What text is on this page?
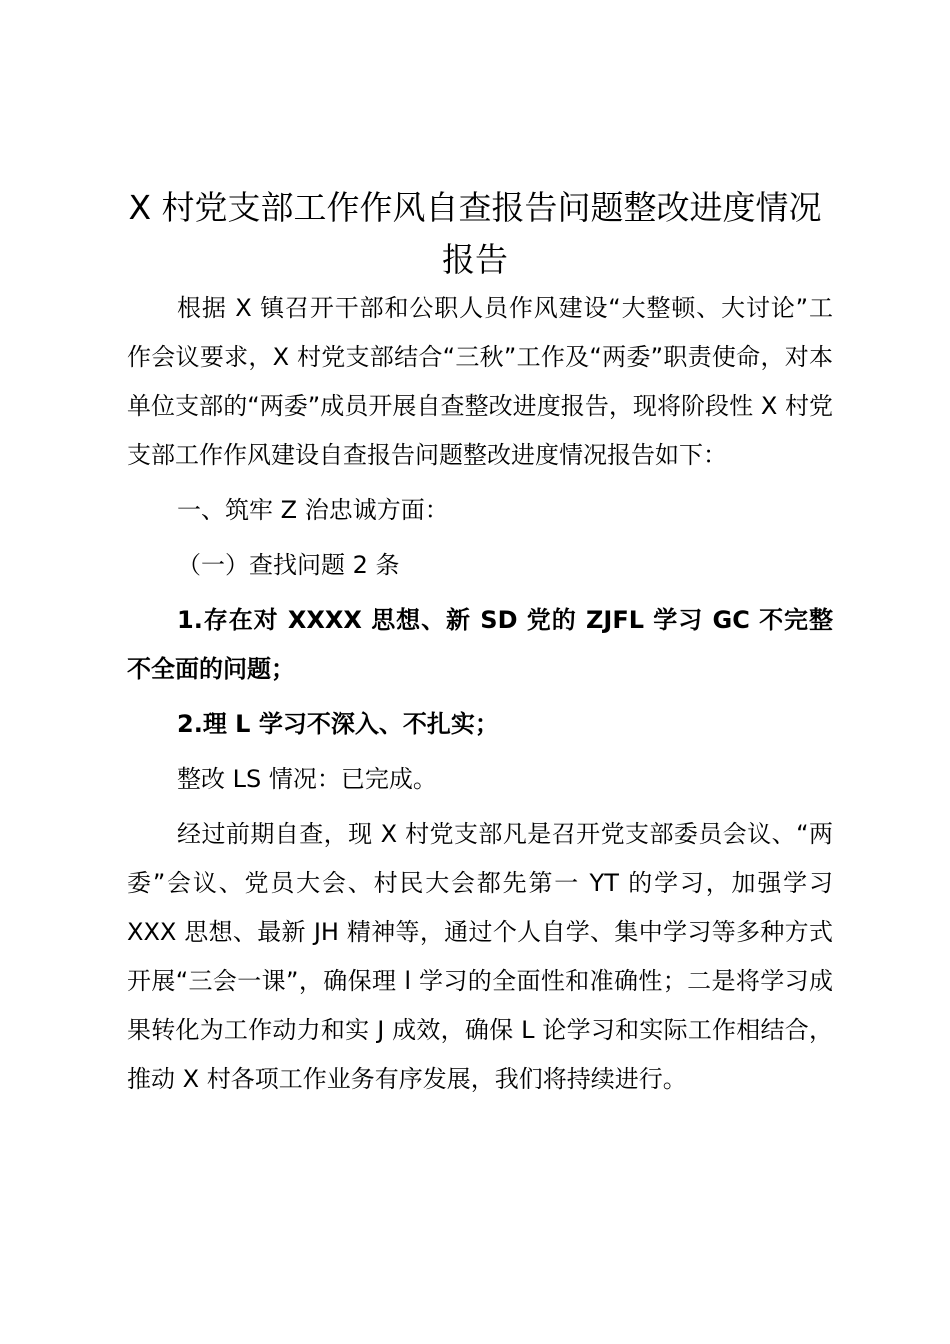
X 村党支部工作作风自查报告问题整改进度情况报告

根据 X 镇召开干部和公职人员作风建设“大整顿、大讨论”工作会议要求，X 村党支部结合“三秋”工作及“两委”职责使命，对本单位支部的“两委”成员开展自查整改进度报告，现将阶段性 X 村党支部工作作风建设自查报告问题整改进度情况报告如下：

一、筑牢 Z 治忠诚方面：

（一）查找问题 2 条

1.存在对 XXXX 思想、新 SD 党的 ZJFL 学习 GC 不完整不全面的问题；

2.理 L 学习不深入、不扎实；

整改 LS 情况：已完成。

经过前期自查，现 X 村党支部凡是召开党支部委员会议、“两委”会议、党员大会、村民大会都先第一 YT 的学习，加强学习 XXX 思想、最新 JH 精神等，通过个人自学、集中学习等多种方式开展“三会一课”，确保理 l 学习的全面性和准确性；二是将学习成果转化为工作动力和实 J 成效，确保 L 论学习和实际工作相结合，推动 X 村各项工作业务有序发展，我们将持续进行。
